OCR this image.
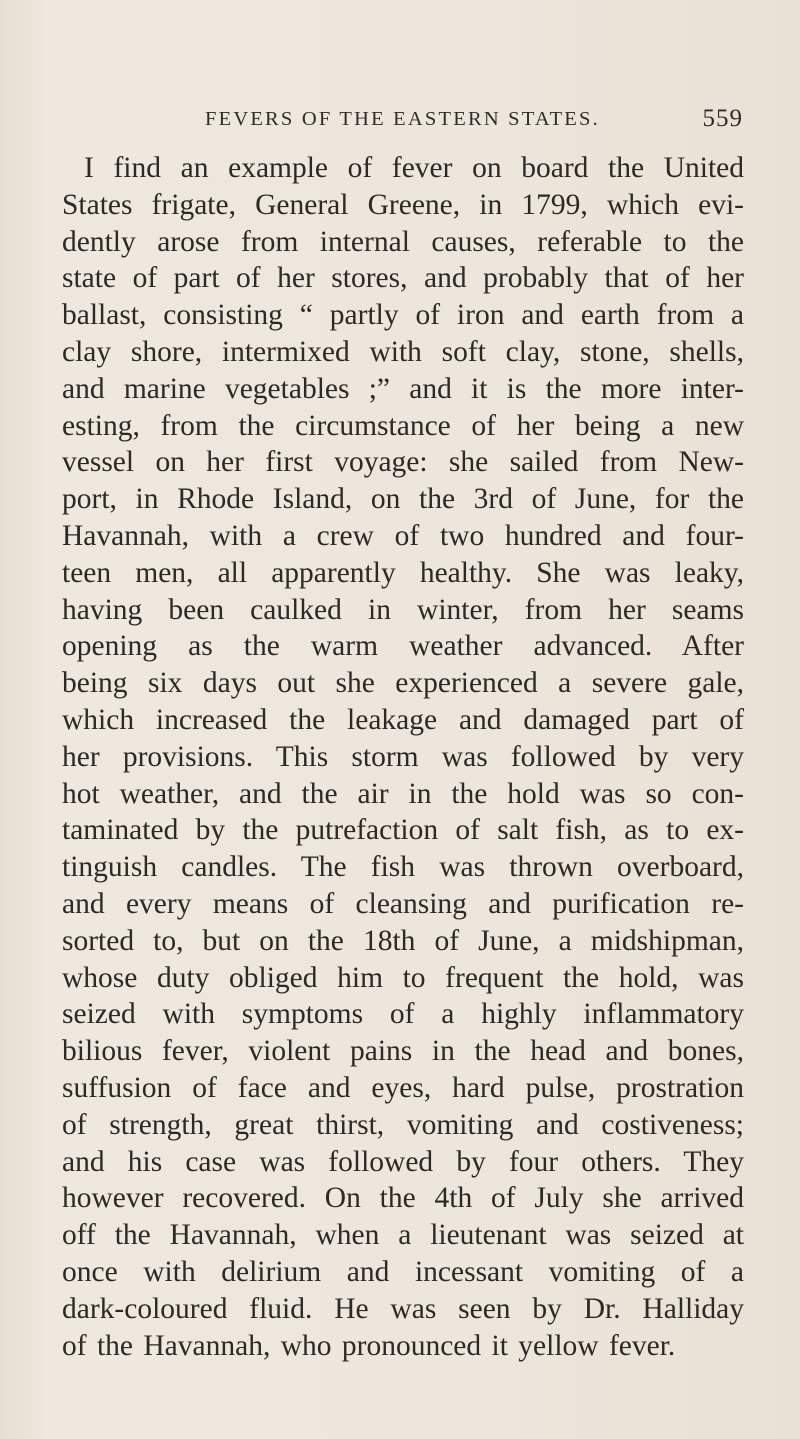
FEVERS OF THE EASTERN STATES.	559
I find an example of fever on board the United
States frigate, General Greene, in 1799, which evi-
dently arose from internal causes, referable to the
state of part of her stores, and probably that of her
ballast, consisting “ partly of iron and earth from a
clay shore, intermixed with soft clay, stone, shells,
and marine vegetables ;” and it is the more inter-
esting, from the circumstance of her being a new
vessel on her first voyage: she sailed from New-
port, in Rhode Island, on the 3rd of June, for the
Havannah, with a crew of two hundred and four-
teen men, all apparently healthy. She was leaky,
having been caulked in winter, from her seams
opening as the warm weather advanced. After
being six days out she experienced a severe gale,
which increased the leakage and damaged part of
her provisions. This storm was followed by very
hot weather, and the air in the hold was so con-
taminated by the putrefaction of salt fish, as to ex-
tinguish candles. The fish was thrown overboard,
and every means of cleansing and purification re-
sorted to, but on the 18th of June, a midshipman,
whose duty obliged him to frequent the hold, was
seized with symptoms of a highly inflammatory
bilious fever, violent pains in the head and bones,
suffusion of face and eyes, hard pulse, prostration
of strength, great thirst, vomiting and costiveness;
and his case was followed by four others. They
however recovered. On the 4th of July she arrived
off the Havannah, when a lieutenant was seized at
once with delirium and incessant vomiting of a
dark-coloured fluid. He was seen by Dr. Halliday
of the Havannah, who pronounced it yellow fever.
